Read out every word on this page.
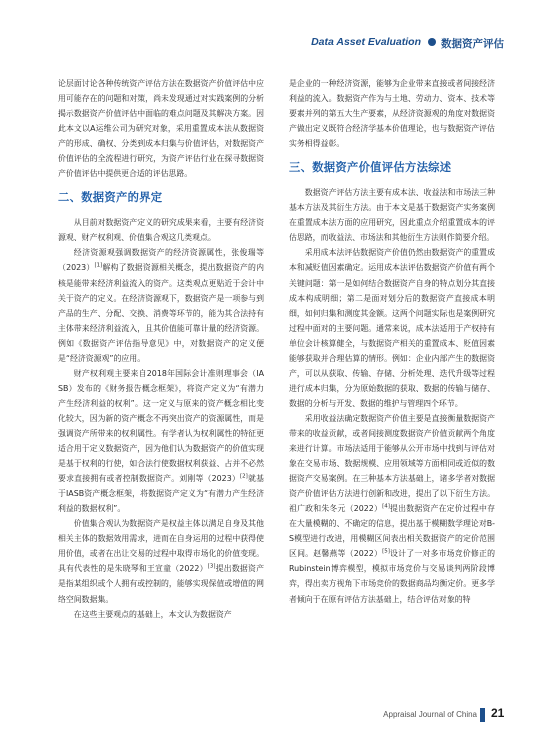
Data Asset Evaluation 数据资产评估

论层面讨论各种传统资产评估方法在数据资产价值评估中应用可能存在的问题和对策，尚未发现通过对实践案例的分析揭示数据资产价值评估中面临的难点问题及其解决方案。因此本文以A运维公司为研究对象，采用重置成本法从数据资产的形成、确权、分类到成本归集与价值评估，对数据资产价值评估的全流程进行研究，为资产评估行业在探寻数据资产价值评估中提供更合适的评估思路。

二、数据资产的界定

从目前对数据资产定义的研究成果来看，主要有经济资源观、财产权利观、价值集合观这几类观点。

经济资源观强调数据资产的经济资源属性，张俊瑞等（2023）[1]解构了数据资源相关概念，提出数据资产的内核是能带来经济利益流入的资产。这类观点更贴近于会计中关于资产的定义。在经济资源观下，数据资产是一项参与到产品的生产、分配、交换、消费等环节的，能为其合法持有主体带来经济利益流入，且其价值能可靠计量的经济资源。例如《数据资产评估指导意见》中，对数据资产的定义便是“经济资源观”的应用。

财产权利观主要来自2018年国际会计准则理事会（IASB）发布的《财务报告概念框架》，将资产定义为“有潜力产生经济利益的权利”。这一定义与原来的资产概念相比变化较大，因为新的资产概念不再突出资产的资源属性，而是强调资产所带来的权利属性。有学者认为权利属性的特征更适合用于定义数据资产，因为他们认为数据资产的价值实现是基于权利的行使，如合法行使数据权利获益、占并不必然要求直接拥有或者控制数据资产。刘刚等（2023）[2]就基于IASB资产概念框架，将数据资产定义为“有潜力产生经济利益的数据权利”。

价值集合观认为数据资产是权益主体以满足自身及其他相关主体的数据效用需求，进而在自身运用的过程中获得使用价值，或者在出让交易的过程中取得市场化的价值变现。具有代表性的是朱晓琴和王宣童（2022）[3]提出数据资产是指某组织或个人拥有或控制的，能够实现保值或增值的网络空间数据集。

在这些主要观点的基础上，本文认为数据资产

是企业的一种经济资源，能够为企业带来直接或者间接经济利益的流入。数据资产作为与土地、劳动力、资本、技术等要素并列的第五大生产要素，从经济资源观的角度对数据资产做出定义既符合经济学基本价值理论，也与数据资产评估实务相得益彰。

三、数据资产价值评估方法综述

数据资产评估方法主要有成本法、收益法和市场法三种基本方法及其衍生方法。由于本文是基于数据资产实务案例在重置成本法方面的应用研究，因此重点介绍重置成本的评估思路，而收益法、市场法和其他衍生方法则作简要介绍。

采用成本法评估数据资产价值仍然由数据资产的重置成本和减贬值因素确定。运用成本法评估数据资产价值有两个关键问题：第一是如何结合数据资产自身的特点划分其直接成本构成明细；第二是面对划分后的数据资产直接成本明细，如何归集和测度其金额。这两个问题实际也是案例研究过程中面对的主要问题。通常来说，成本法适用于产权持有单位会计核算健全，与数据资产相关的重置成本、贬值因素能够获取并合理估算的情形。例如：企业内部产生的数据资产，可以从获取、传输、存储、分析处理、迭代升级等过程进行成本归集，分为原始数据的获取、数据的传输与储存、数据的分析与开发、数据的维护与管理四个环节。

采用收益法确定数据资产价值主要是直接衡量数据资产带来的收益贡献，或者间接测度数据资产价值贡献两个角度来进行计算。市场法适用于能够从公开市场中找到与评估对象在交易市场、数据规模、应用领域等方面相同或近似的数据资产交易案例。在三种基本方法基础上，诸多学者对数据资产价值评估方法进行创新和改进，提出了以下衍生方法。祖广政和朱冬元（2022）[4]提出数据资产在定价过程中存在大量模糊的、不确定的信息，提出基于模糊数学理论对B-S模型进行改进，用模糊区间表出相关数据资产的定价范围区间。赵馨燕等（2022）[5]设计了一对多市场竞价修正的Rubinstein博弈模型，模拟市场竞价与交易谈判两阶段博弈，得出卖方视角下市场竞价的数据商品均衡定价。更多学者倾向于在原有评估方法基础上，结合评估对象的特

Appraisal Journal of China 21
